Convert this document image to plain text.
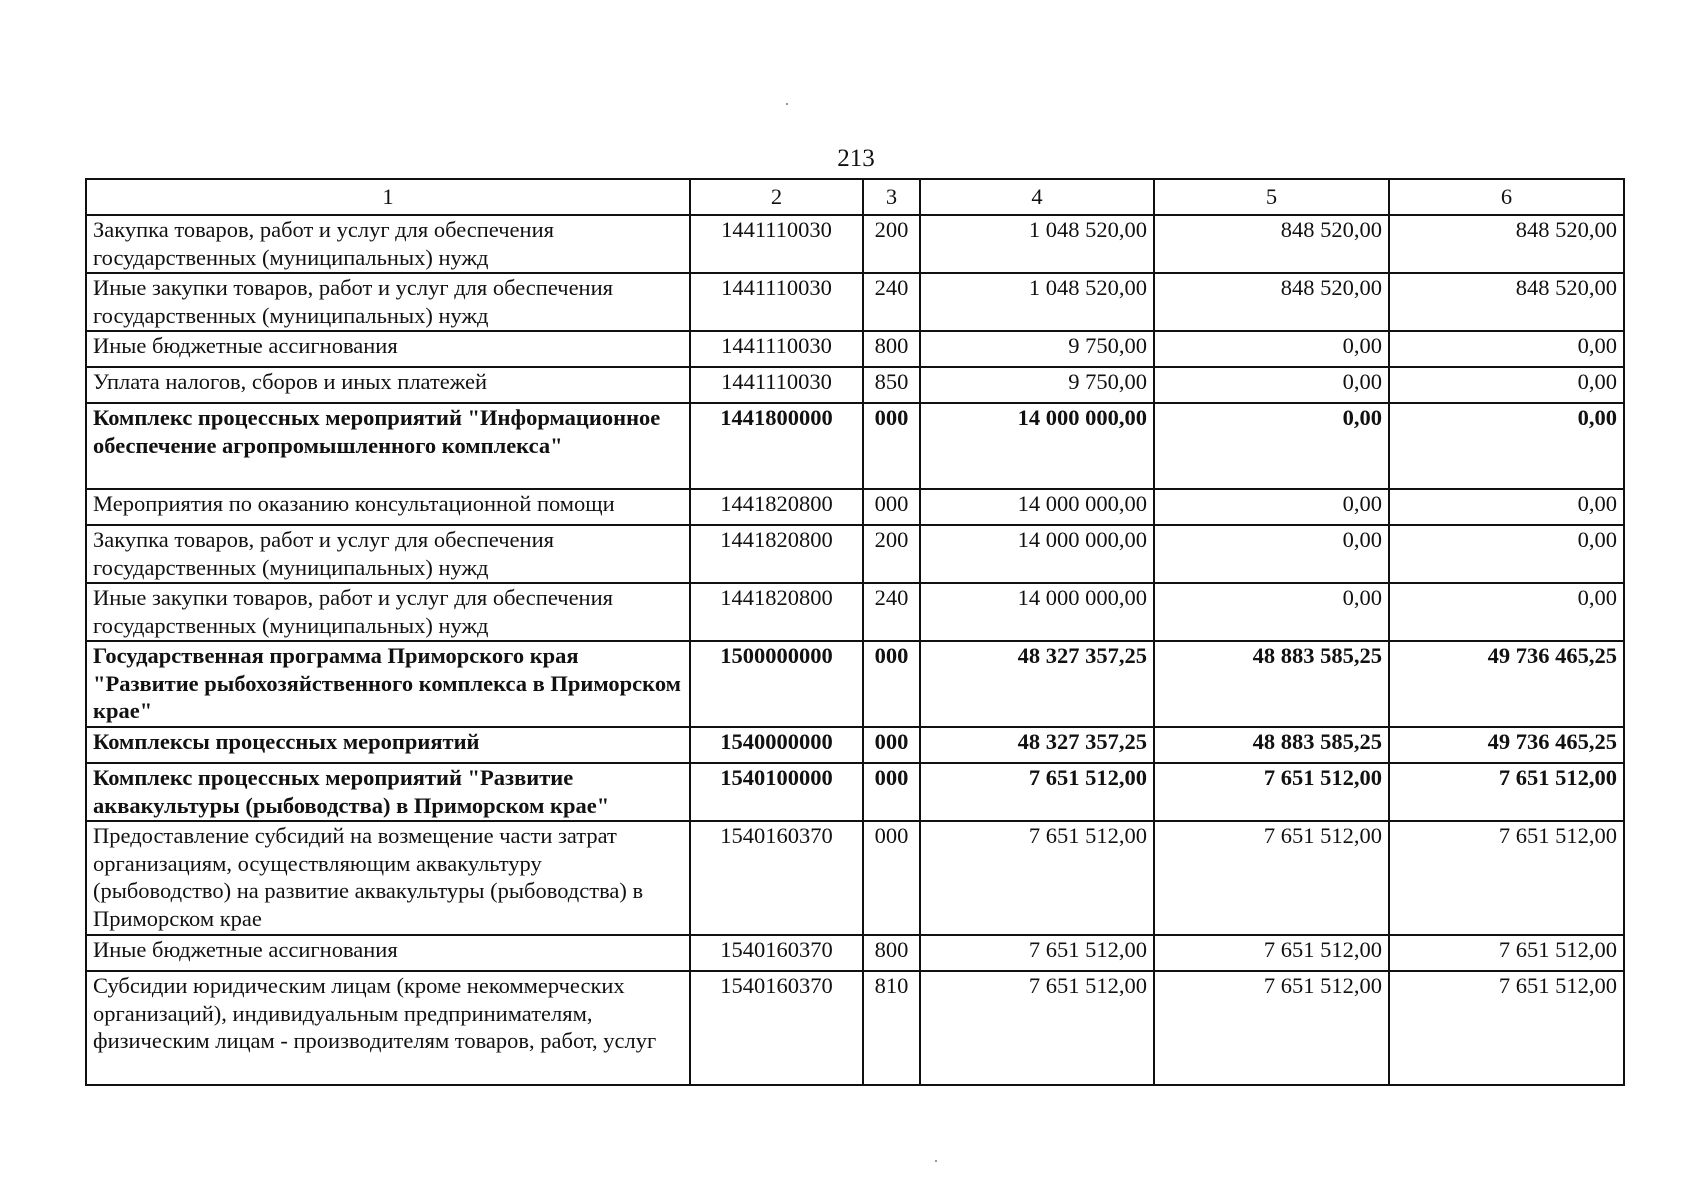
213
1	2	3	4	5	6
Закупка товаров, работ и услуг для обеспечения государственных (муниципальных) нужд	1441110030	200	1 048 520,00	848 520,00	848 520,00
Иные закупки товаров, работ и услуг для обеспечения государственных (муниципальных) нужд	1441110030	240	1 048 520,00	848 520,00	848 520,00
Иные бюджетные ассигнования	1441110030	800	9 750,00	0,00	0,00
Уплата налогов, сборов и иных платежей	1441110030	850	9 750,00	0,00	0,00
Комплекс процессных мероприятий "Информационное обеспечение агропромышленного комплекса"	1441800000	000	14 000 000,00	0,00	0,00
Мероприятия по оказанию консультационной помощи	1441820800	000	14 000 000,00	0,00	0,00
Закупка товаров, работ и услуг для обеспечения государственных (муниципальных) нужд	1441820800	200	14 000 000,00	0,00	0,00
Иные закупки товаров, работ и услуг для обеспечения государственных (муниципальных) нужд	1441820800	240	14 000 000,00	0,00	0,00
Государственная программа Приморского края "Развитие рыбохозяйственного комплекса в Приморском крае"	1500000000	000	48 327 357,25	48 883 585,25	49 736 465,25
Комплексы процессных мероприятий	1540000000	000	48 327 357,25	48 883 585,25	49 736 465,25
Комплекс процессных мероприятий "Развитие аквакультуры (рыбоводства) в Приморском крае"	1540100000	000	7 651 512,00	7 651 512,00	7 651 512,00
Предоставление субсидий на возмещение части затрат организациям, осуществляющим аквакультуру (рыбоводство) на развитие аквакультуры (рыбоводства) в Приморском крае	1540160370	000	7 651 512,00	7 651 512,00	7 651 512,00
Иные бюджетные ассигнования	1540160370	800	7 651 512,00	7 651 512,00	7 651 512,00
Субсидии юридическим лицам (кроме некоммерческих организаций), индивидуальным предпринимателям, физическим лицам - производителям товаров, работ, услуг	1540160370	810	7 651 512,00	7 651 512,00	7 651 512,00
